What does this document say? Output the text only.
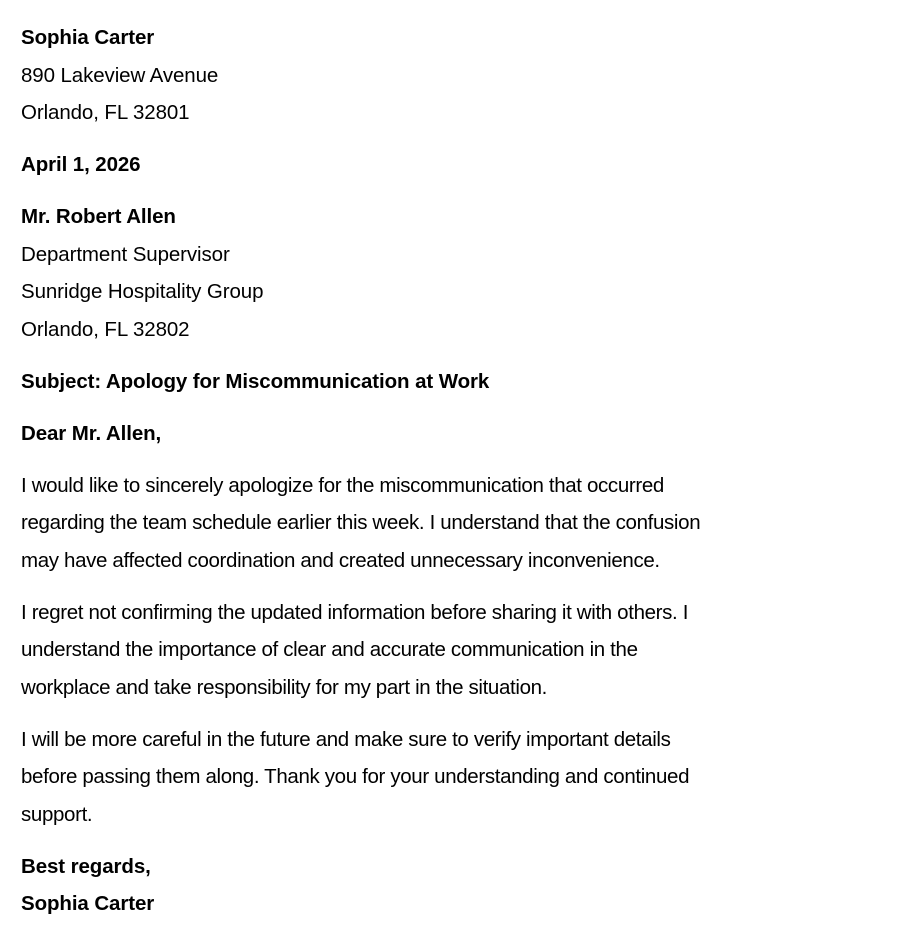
Sophia Carter
890 Lakeview Avenue
Orlando, FL 32801
April 1, 2026
Mr. Robert Allen
Department Supervisor
Sunridge Hospitality Group
Orlando, FL 32802
Subject: Apology for Miscommunication at Work
Dear Mr. Allen,
I would like to sincerely apologize for the miscommunication that occurred
regarding the team schedule earlier this week. I understand that the confusion
may have affected coordination and created unnecessary inconvenience.
I regret not confirming the updated information before sharing it with others. I
understand the importance of clear and accurate communication in the
workplace and take responsibility for my part in the situation.
I will be more careful in the future and make sure to verify important details
before passing them along. Thank you for your understanding and continued
support.
Best regards,
Sophia Carter
